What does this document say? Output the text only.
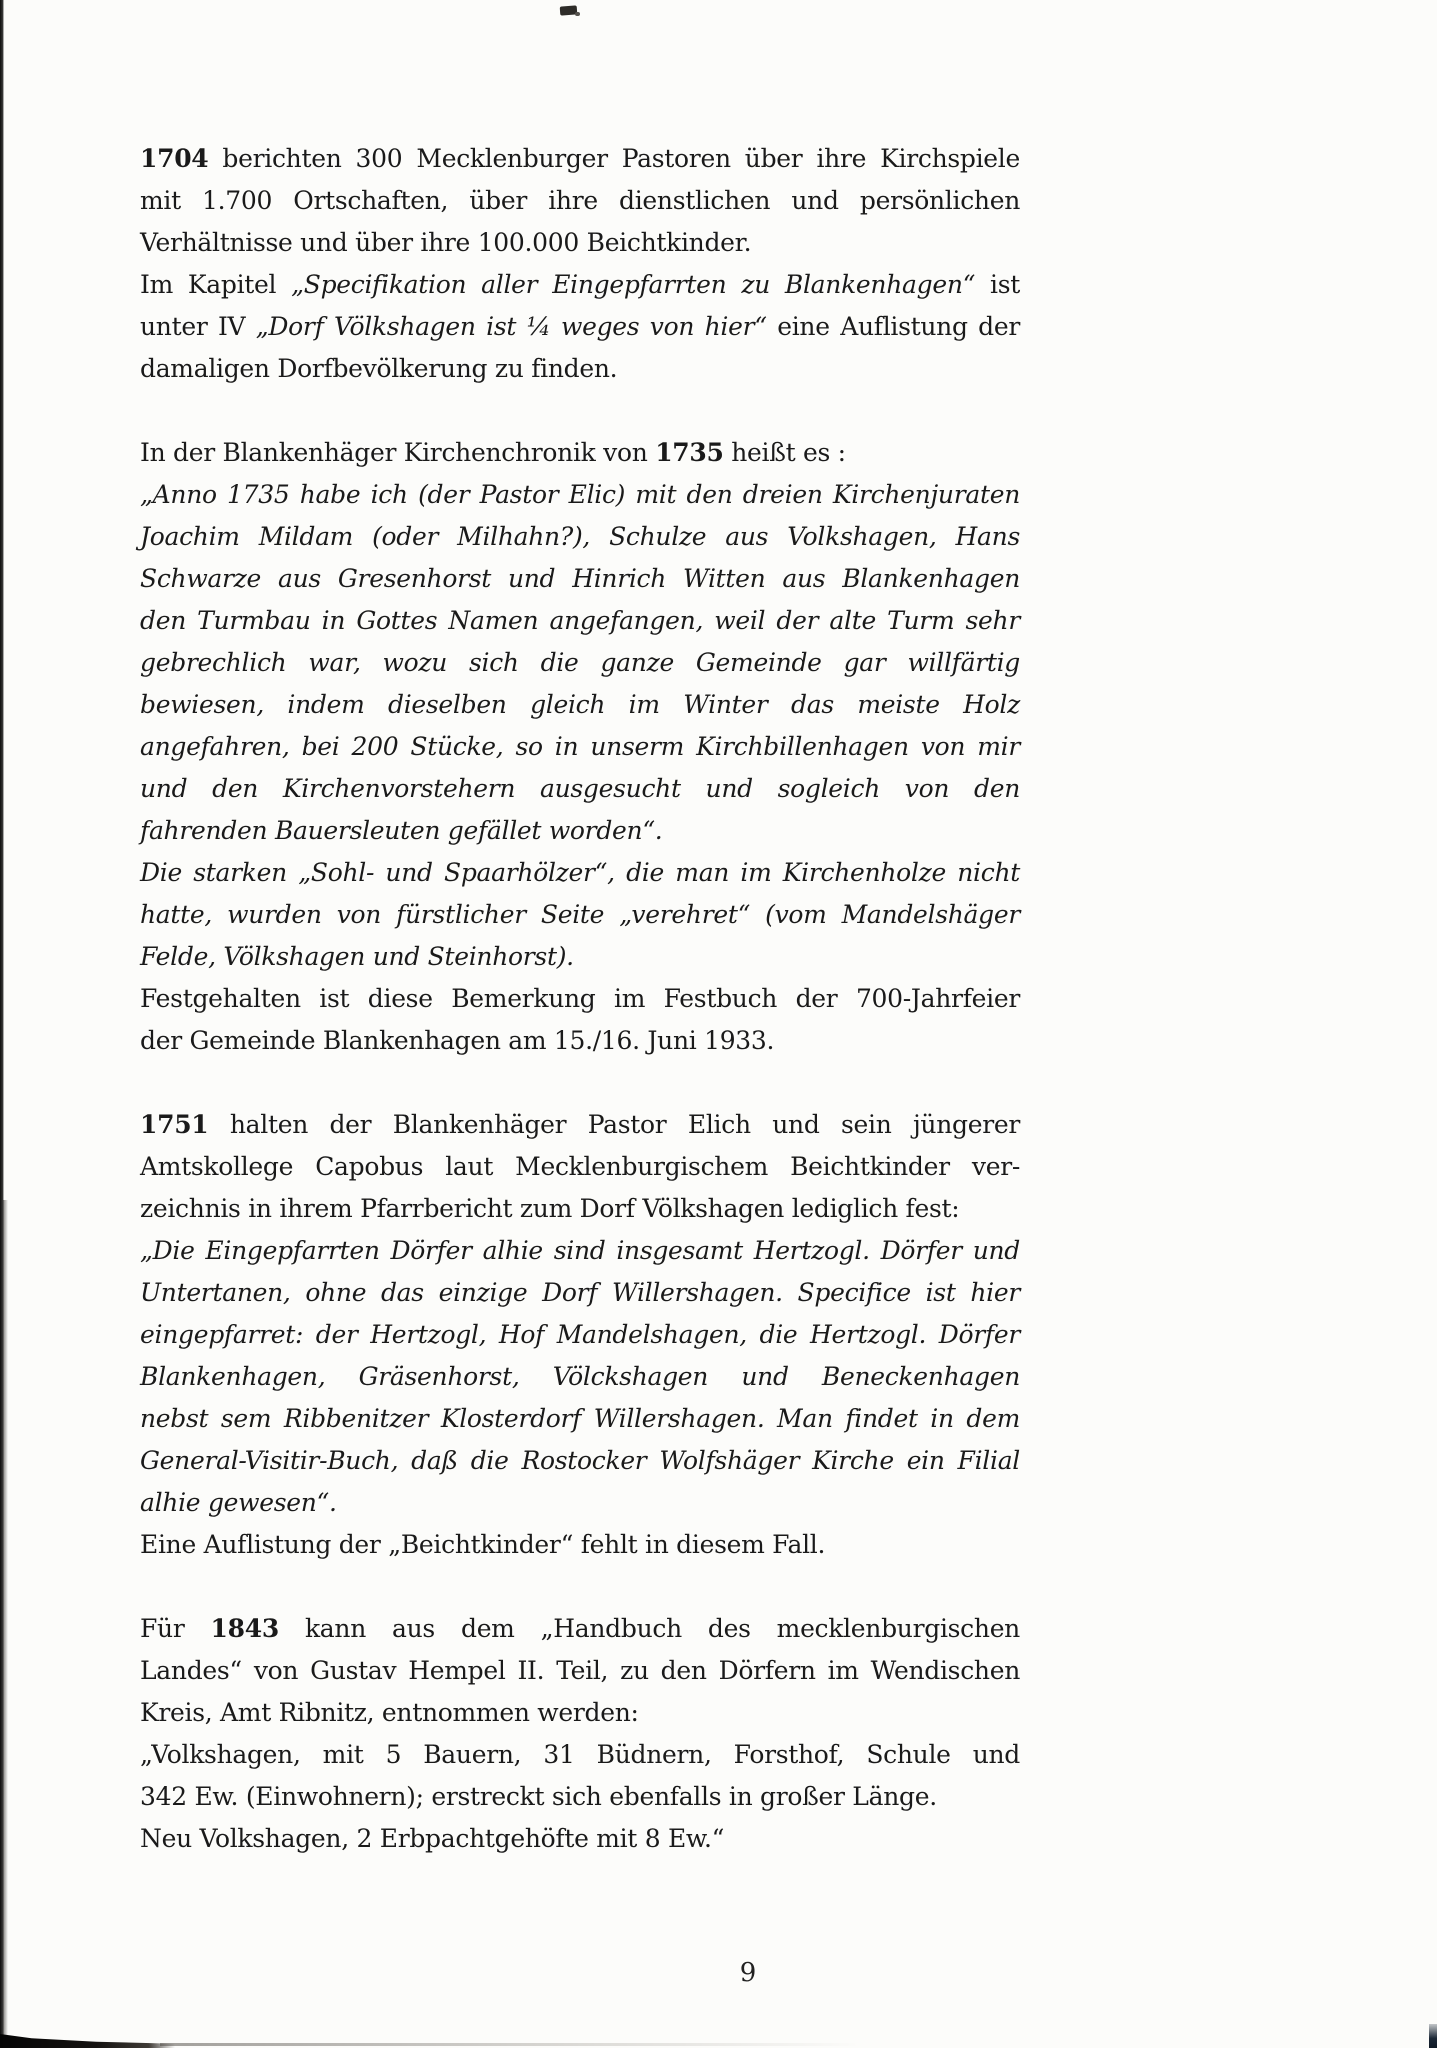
1704 berichten 300 Mecklenburger Pastoren über ihre Kirchspiele
mit 1.700 Ortschaften, über ihre dienstlichen und persönlichen
Verhältnisse und über ihre 100.000 Beichtkinder.
Im Kapitel „Specifikation aller Eingepfarrten zu Blankenhagen“ ist
unter IV „Dorf Völkshagen ist ¼ weges von hier“ eine Auflistung der
damaligen Dorfbevölkerung zu finden.
In der Blankenhäger Kirchenchronik von 1735 heißt es :
„Anno 1735 habe ich (der Pastor Elic) mit den dreien Kirchenjuraten
Joachim Mildam (oder Milhahn?), Schulze aus Volkshagen, Hans
Schwarze aus Gresenhorst und Hinrich Witten aus Blankenhagen
den Turmbau in Gottes Namen angefangen, weil der alte Turm sehr
gebrechlich war, wozu sich die ganze Gemeinde gar willfärtig
bewiesen, indem dieselben gleich im Winter das meiste Holz
angefahren, bei 200 Stücke, so in unserm Kirchbillenhagen von mir
und den Kirchenvorstehern ausgesucht und sogleich von den
fahrenden Bauersleuten gefället worden“.
Die starken „Sohl- und Spaarhölzer“, die man im Kirchenholze nicht
hatte, wurden von fürstlicher Seite „verehret“ (vom Mandelshäger
Felde, Völkshagen und Steinhorst).
Festgehalten ist diese Bemerkung im Festbuch der 700-Jahrfeier
der Gemeinde Blankenhagen am 15./16. Juni 1933.
1751 halten der Blankenhäger Pastor Elich und sein jüngerer
Amtskollege Capobus laut Mecklenburgischem Beichtkinder ver-
zeichnis in ihrem Pfarrbericht zum Dorf Völkshagen lediglich fest:
„Die Eingepfarrten Dörfer alhie sind insgesamt Hertzogl. Dörfer und
Untertanen, ohne das einzige Dorf Willershagen. Specifice ist hier
eingepfarret: der Hertzogl, Hof Mandelshagen, die Hertzogl. Dörfer
Blankenhagen, Gräsenhorst, Völckshagen und Beneckenhagen
nebst sem Ribbenitzer Klosterdorf Willershagen. Man findet in dem
General-Visitir-Buch, daß die Rostocker Wolfshäger Kirche ein Filial
alhie gewesen“.
Eine Auflistung der „Beichtkinder“ fehlt in diesem Fall.
Für 1843 kann aus dem „Handbuch des mecklenburgischen
Landes“ von Gustav Hempel II. Teil, zu den Dörfern im Wendischen
Kreis, Amt Ribnitz, entnommen werden:
„Volkshagen, mit 5 Bauern, 31 Büdnern, Forsthof, Schule und
342 Ew. (Einwohnern); erstreckt sich ebenfalls in großer Länge.
Neu Volkshagen, 2 Erbpachtgehöfte mit 8 Ew.“
9
